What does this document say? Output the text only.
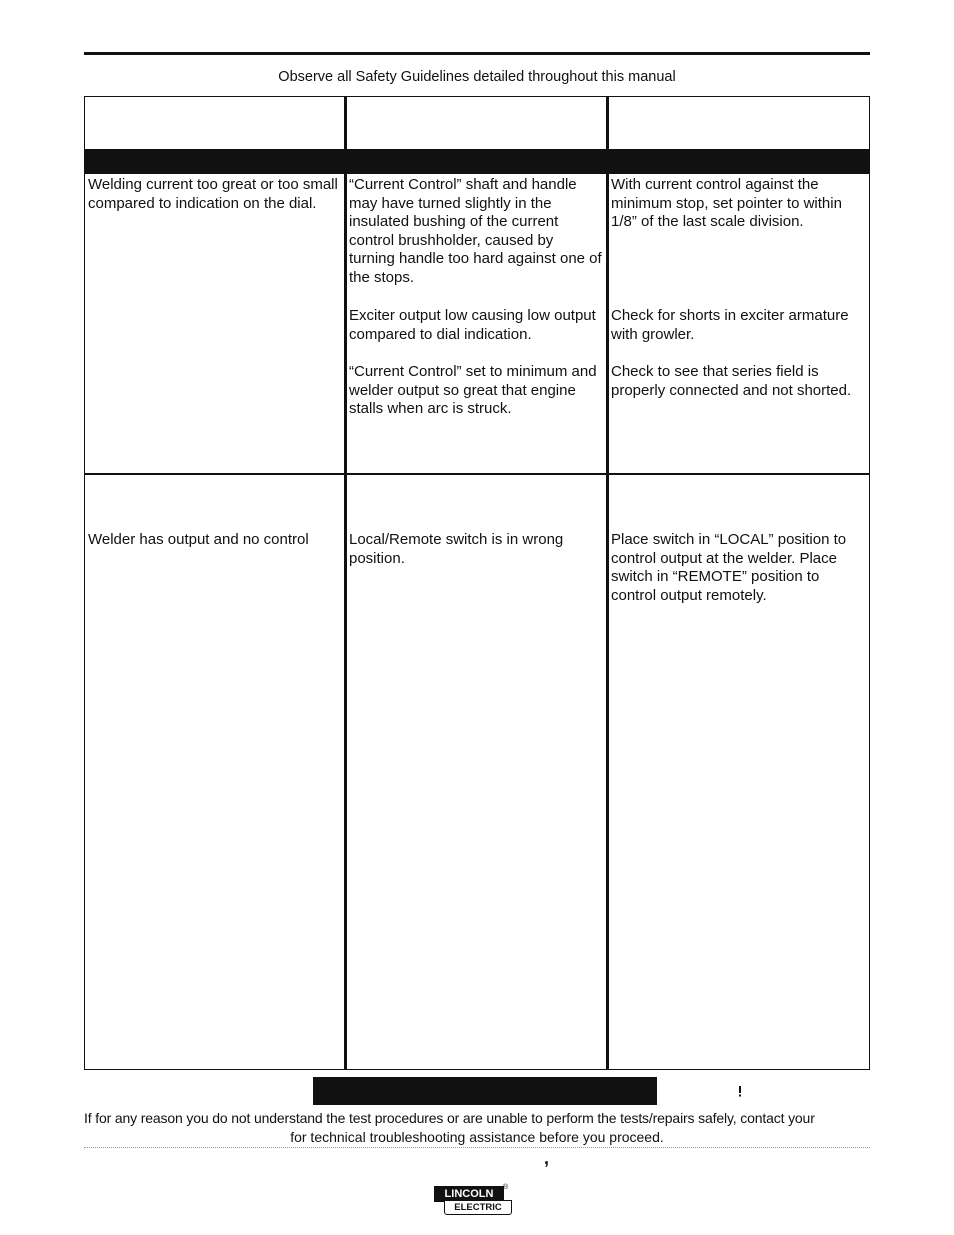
Observe all Safety Guidelines detailed throughout this manual

Welding current too great or too small compared to indication on the dial.

“Current Control” shaft and handle may have turned slightly in the insulated bushing of the current control brushholder, caused by turning handle too hard against one of the stops.

Exciter output low causing low output compared to dial indication.

“Current Control” set to minimum and welder output so great that engine stalls when arc is struck.

With current control against the minimum stop, set pointer to within 1/8” of the last scale division.

Check for shorts in exciter armature with growler.

Check to see that series field is properly connected and not shorted.

Welder has output and no control	Local/Remote switch is in wrong position.

Place switch in “LOCAL” position to control output at the welder. Place switch in “REMOTE” position to control output remotely.

If for any reason you do not understand the test procedures or are unable to perform the tests/repairs safely, contact your
for technical troubleshooting assistance before you proceed.
,
LINCOLN
®
ELECTRIC
